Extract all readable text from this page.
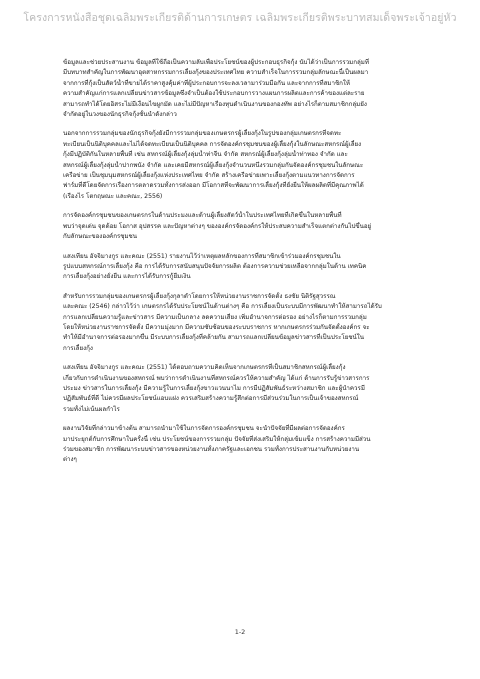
โครงการหนังสือชุดเฉลิมพระเกียรติด้านการเกษตร เฉลิมพระเกียรติพระบาทสมเด็จพระเจ้าอยู่หัว
ข้อมูลและช่วยประสานงาน ข้อมูลที่ใช้ถือเป็นความลับเพื่อประโยชน์ของผู้ประกอบธุรกิจกุ้ง นับได้ว่าเป็นการรวมกลุ่มที่
มีบทบาทสำคัญในการพัฒนาอุตสาหกรรมการเลี้ยงกุ้งของประเทศไทย ความสำเร็จในการรวมกลุ่มลักษณะนี้เป็นผลมา
จากการที่กุ้งเป็นสัตว์น้ำที่ขายได้ราคาสูงคุ้มค่าที่ผู้ประกอบการจะลงเวลามาร่วมมือกัน และจากการที่สมาชิกให้
ความสำคัญแก่การแลกเปลี่ยนข่าวสารข้อมูลซึ่งจำเป็นต้องใช้ประกอบการวางแผนการผลิตและการค้าของแต่ละราย
สามารถทำได้โดยอิสระไม่มีเงื่อนไขผูกมัด และไม่มีปัญหาเรื่องทุนดำเนินงานของกองทัพ อย่างไรก็ตามสมาชิกกลุ่มยัง
จำกัดอยู่ในวงของนักธุรกิจกุ้งชั้นนำดังกล่าว
นอกจากการรวมกลุ่มของนักธุรกิจกุ้งยังมีการรวมกลุ่มของเกษตรกรผู้เลี้ยงกุ้งในรูปของกลุ่มเกษตรกรที่จดทะ
ทะเบียนเป็นนิติบุคคลและไม่ได้จดทะเบียนเป็นนิติบุคคล การจัดองค์กรชุมชนของผู้เลี้ยงกุ้งในลักษณะสหกรณ์ผู้เลี้ยง
กุ้งมีปฏิบัติกันในหลายพื้นที่ เช่น สหกรณ์ผู้เลี้ยงกุ้งลุ่มน้ำท่าจีน จำกัด สหกรณ์ผู้เลี้ยงกุ้งลุ่มน้ำท่าทอง จำกัด และ
สหกรณ์ผู้เลี้ยงกุ้งลุ่มน้ำปากพนัง จำกัด และเคยมีสหกรณ์ผู้เลี้ยงกุ้งจำนวนหนึ่งรวมกลุ่มกันจัดองค์กรชุมชนในลักษณะ
เครือข่าย เป็นชุมนุมสหกรณ์ผู้เลี้ยงกุ้งแห่งประเทศไทย จำกัด สร้างเครือข่ายเพาะเลี้ยงกุ้งตามแนวทางการจัดการ
ฟาร์มที่ดีโดยจัดการเรื่องการตลาดรวมทั้งการส่งออก มีโอกาสที่จะพัฒนาการเลี้ยงกุ้งที่ยั่งยืนให้ผลผลิตที่มีคุณภาพได้
(เรืองไร โตกฤษณะ และคณะ, 2556)
การจัดองค์กรชุมชนของเกษตรกรในด้านประมงและด้านผู้เลี้ยงสัตว์น้ำในประเทศไทยที่เกิดขึ้นในหลายพื้นที่
พบว่าจุดเด่น จุดด้อย โอกาส อุปสรรค และปัญหาต่างๆ ขององค์กรจัดองค์กรให้ประสบความสำเร็จแตกต่างกันไปขึ้นอยู่
กับลักษณะขององค์กรชุมชน
แสงเทียน อัจจิมางกูร และคณะ (2551) รายงานไว้ว่าเหตุผลหลักของการที่สมาชิกเข้าร่วมองค์กรชุมชนใน
รูปแบบสหกรณ์การเลี้ยงกุ้ง คือ การได้รับการสนับสนุนปัจจัยการผลิต ต้องการความช่วยเหลือจากกลุ่มในด้าน เทคนิค
การเลี้ยงกุ้งอย่างยั่งยืน และการได้รับการกู้ยืมเงิน
สำหรับการรวมกลุ่มของเกษตรกรผู้เลี้ยงกุ้งกุลาดำโดยการให้หน่วยงานราชการจัดตั้ง ธงชัย นิติรัฐสุวรรณ
และคณะ (2546) กล่าวไว้ว่า เกษตรกรได้รับประโยชน์ในด้านต่างๆ คือ การเลี้ยงเป็นระบบมีการพัฒนาทำให้สามารถได้รับ
การแลกเปลี่ยนความรู้และข่าวสาร มีความเป็นกลาง ลดความเสี่ยง เพิ่มอำนาจการต่อรอง อย่างไรก็ตามการรวมกลุ่ม
โดยให้หน่วยงานราชการจัดตั้ง มีความมุ่งมาก มีความซับซ้อนของระบบราชการ หากเกษตรกรร่วมกันจัดตั้งองค์กร จะ
ทำให้มีอำนาจการต่อรองมากขึ้น มีระบบการเลี้ยงกุ้งที่คล้ายกัน สามารถแลกเปลี่ยนข้อมูลข่าวสารที่เป็นประโยชน์ใน
การเลี้ยงกุ้ง
แสงเทียน อัจจิมางกูร และคณะ (2551) ได้ตอบถามความคิดเห็นจากเกษตรกรที่เป็นสมาชิกสหกรณ์ผู้เลี้ยงกุ้ง
เกี่ยวกับการดำเนินงานของสหกรณ์ พบว่าการดำเนินงานที่สหกรณ์ควรให้ความสำคัญ ได้แก่ ด้านการรับรู้ข่าวสารการ
ประมง ข่าวสารในการเลี้ยงกุ้ง มีความรู้ในการเลี้ยงกุ้งขาวแวนนาไม การมีปฏิสัมพันธ์ระหว่างสมาชิก และผู้นำควรมี
ปฏิสัมพันธ์ที่ดี ไม่ควรมีผลประโยชน์แอบแฝง ควรเสริมสร้างความรู้สึกต่อการมีส่วนร่วมในการเป็นเจ้าของสหกรณ์
รวมทั้งไม่เน้นผลกำไร
ผลงานวิจัยที่กล่าวมาข้างต้น สามารถนำมาใช้ในการจัดการองค์กรชุมชน จะนำปัจจัยที่มีผลต่อการจัดองค์กร
มาประยุกต์กับการศึกษาในครั้งนี้ เช่น ประโยชน์ของการรวมกลุ่ม ปัจจัยที่ส่งเสริมให้กลุ่มเข้มแข็ง การสร้างความมีส่วน
ร่วมของสมาชิก การพัฒนาระบบข่าวสารของหน่วยงานทั้งภาครัฐและเอกชน รวมทั้งการประสานงานกับหน่วยงาน
ต่างๆ
1-2
